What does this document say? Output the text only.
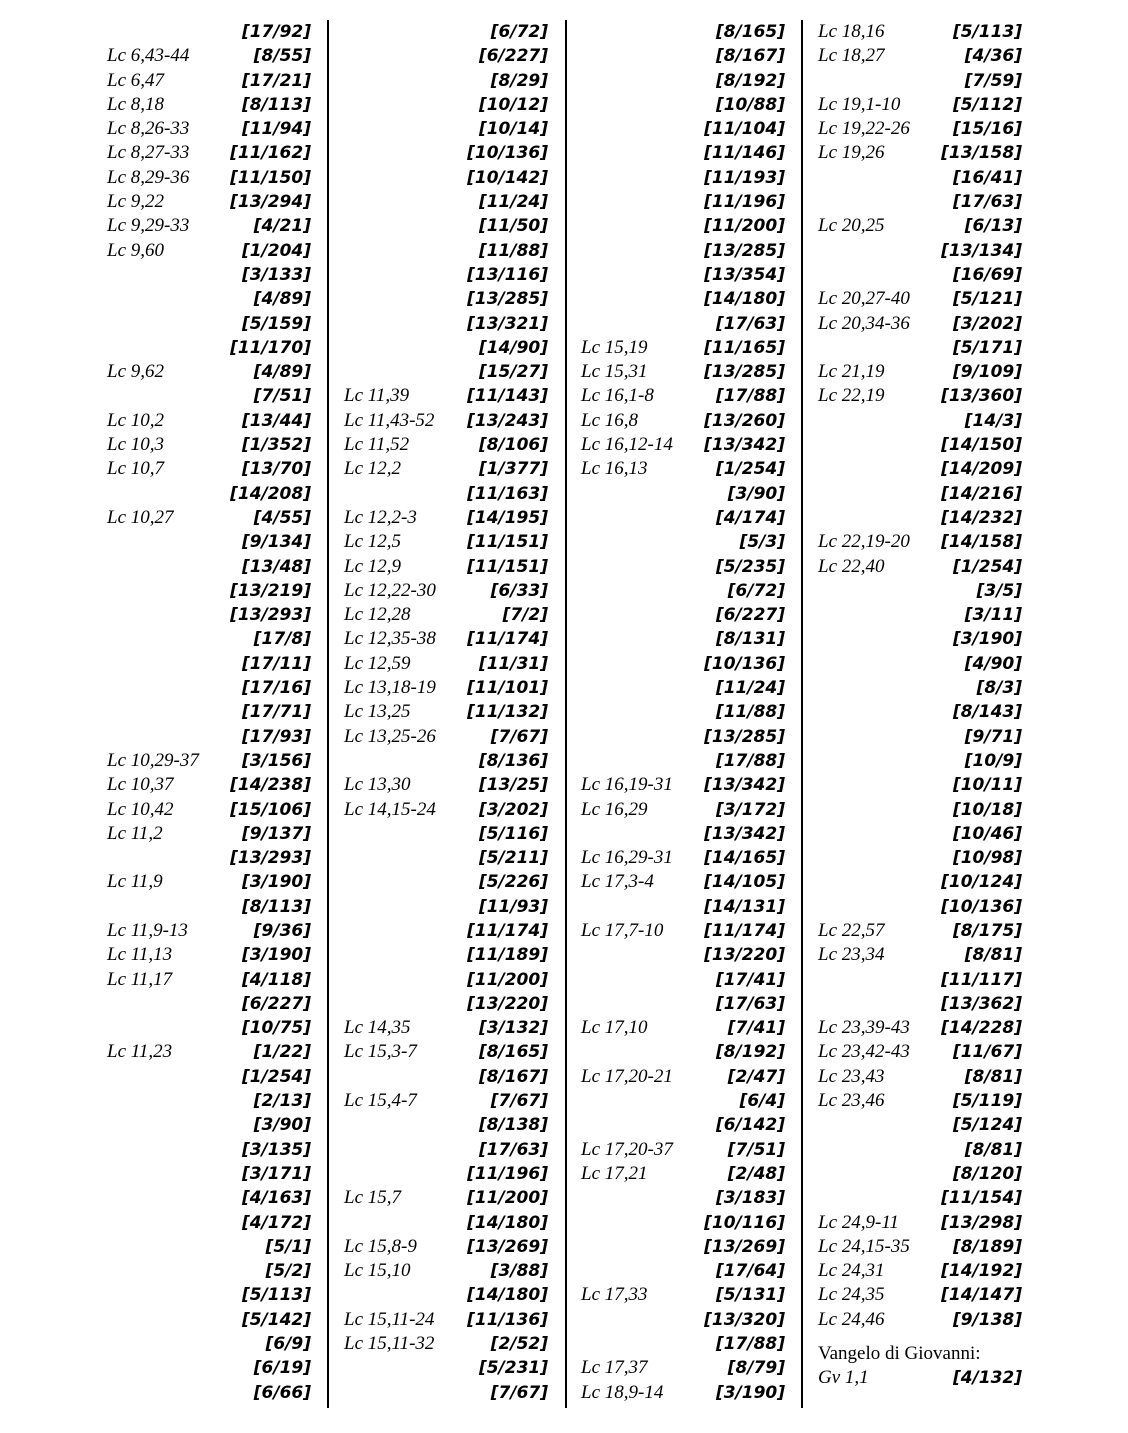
[17/92]
Lc 6,43-44	[8/55]
Lc 6,47	[17/21]
Lc 8,18	[8/113]
Lc 8,26-33	[11/94]
Lc 8,27-33 [11/162]
Lc 8,29-36 [11/150]
Lc 9,22	[13/294]
Lc 9,29-33	[4/21]
Lc 9,60	[1/204]
[3/133]
[4/89]
[5/159]
[11/170]
Lc 9,62	[4/89]
[7/51]
Lc 10,2	[13/44]
Lc 10,3	[1/352]
Lc 10,7	[13/70]
[14/208]
Lc 10,27	[4/55]
[9/134]
[13/48]
[13/219]
[13/293]
[17/8]
[17/11]
[17/16]
[17/71]
[17/93]
Lc 10,29-37	[3/156]
Lc 10,37	[14/238]
Lc 10,42	[15/106]
Lc 11,2	[9/137]
[13/293]
Lc 11,9	[3/190]
[8/113]
Lc 11,9-13	[9/36]
Lc 11,13	[3/190]
Lc 11,17	[4/118]
[6/227]
[10/75]
Lc 11,23	[1/22]
[1/254]
[2/13]
[3/90]
[3/135]
[3/171]
[4/163]
[4/172]
[5/1]
[5/2]
[5/113]
[5/142]
[6/9]
[6/19]
[6/66]
[6/72]
[6/227]
[8/29]
[10/12]
[10/14]
[10/136]
[10/142]
[11/24]
[11/50]
[11/88]
[13/116]
[13/285]
[13/321]
[14/90]
[15/27]
Lc 11,39	[11/143]
Lc 11,43-52 [13/243]
Lc 11,52	[8/106]
Lc 12,2	[1/377]
[11/163]
Lc 12,2-3	[14/195]
Lc 12,5	[11/151]
Lc 12,9	[11/151]
Lc 12,22-30	[6/33]
Lc 12,28	[7/2]
Lc 12,35-38 [11/174]
Lc 12,59	[11/31]
Lc 13,18-19 [11/101]
Lc 13,25	[11/132]
Lc 13,25-26	[7/67]
[8/136]
Lc 13,30	[13/25]
Lc 14,15-24	[3/202]
[5/116]
[5/211]
[5/226]
[11/93]
[11/174]
[11/189]
[11/200]
[13/220]
Lc 14,35	[3/132]
Lc 15,3-7	[8/165]
[8/167]
Lc 15,4-7	[7/67]
[8/138]
[17/63]
[11/196]
Lc 15,7	[11/200]
[14/180]
Lc 15,8-9	[13/269]
Lc 15,10	[3/88]
[14/180]
Lc 15,11-24 [11/136]
Lc 15,11-32	[2/52]
[5/231]
[7/67]
[8/165]
[8/167]
[8/192]
[10/88]
[11/104]
[11/146]
[11/193]
[11/196]
[11/200]
[13/285]
[13/354]
[14/180]
[17/63]
Lc 15,19	[11/165]
Lc 15,31	[13/285]
Lc 16,1-8	[17/88]
Lc 16,8	[13/260]
Lc 16,12-14 [13/342]
Lc 16,13	[1/254]
[3/90]
[4/174]
[5/3]
[5/235]
[6/72]
[6/227]
[8/131]
[10/136]
[11/24]
[11/88]
[13/285]
[17/88]
Lc 16,19-31 [13/342]
Lc 16,29	[3/172]
[13/342]
Lc 16,29-31 [14/165]
Lc 17,3-4	[14/105]
[14/131]
Lc 17,7-10 [11/174]
[13/220]
[17/41]
[17/63]
Lc 17,10	[7/41]
[8/192]
Lc 17,20-21	[2/47]
[6/4]
[6/142]
Lc 17,20-37	[7/51]
Lc 17,21	[2/48]
[3/183]
[10/116]
[13/269]
[17/64]
Lc 17,33	[5/131]
[13/320]
[17/88]
Lc 17,37	[8/79]
Lc 18,9-14	[3/190]
Lc 18,16	[5/113]
Lc 18,27	[4/36]
[7/59]
Lc 19,1-10	[5/112]
Lc 19,22-26	[15/16]
Lc 19,26	[13/158]
[16/41]
[17/63]
Lc 20,25	[6/13]
[13/134]
[16/69]
Lc 20,27-40	[5/121]
Lc 20,34-36	[3/202]
[5/171]
Lc 21,19	[9/109]
Lc 22,19	[13/360]
[14/3]
[14/150]
[14/209]
[14/216]
[14/232]
Lc 22,19-20 [14/158]
Lc 22,40	[1/254]
[3/5]
[3/11]
[3/190]
[4/90]
[8/3]
[8/143]
[9/71]
[10/9]
[10/11]
[10/18]
[10/46]
[10/98]
[10/124]
[10/136]
Lc 22,57	[8/175]
Lc 23,34	[8/81]
[11/117]
[13/362]
Lc 23,39-43 [14/228]
Lc 23,42-43	[11/67]
Lc 23,43	[8/81]
Lc 23,46	[5/119]
[5/124]
[8/81]
[8/120]
[11/154]
Lc 24,9-11 [13/298]
Lc 24,15-35	[8/189]
Lc 24,31	[14/192]
Lc 24,35	[14/147]
Lc 24,46	[9/138]
Vangelo di Giovanni:
Gv 1,1	[4/132]
